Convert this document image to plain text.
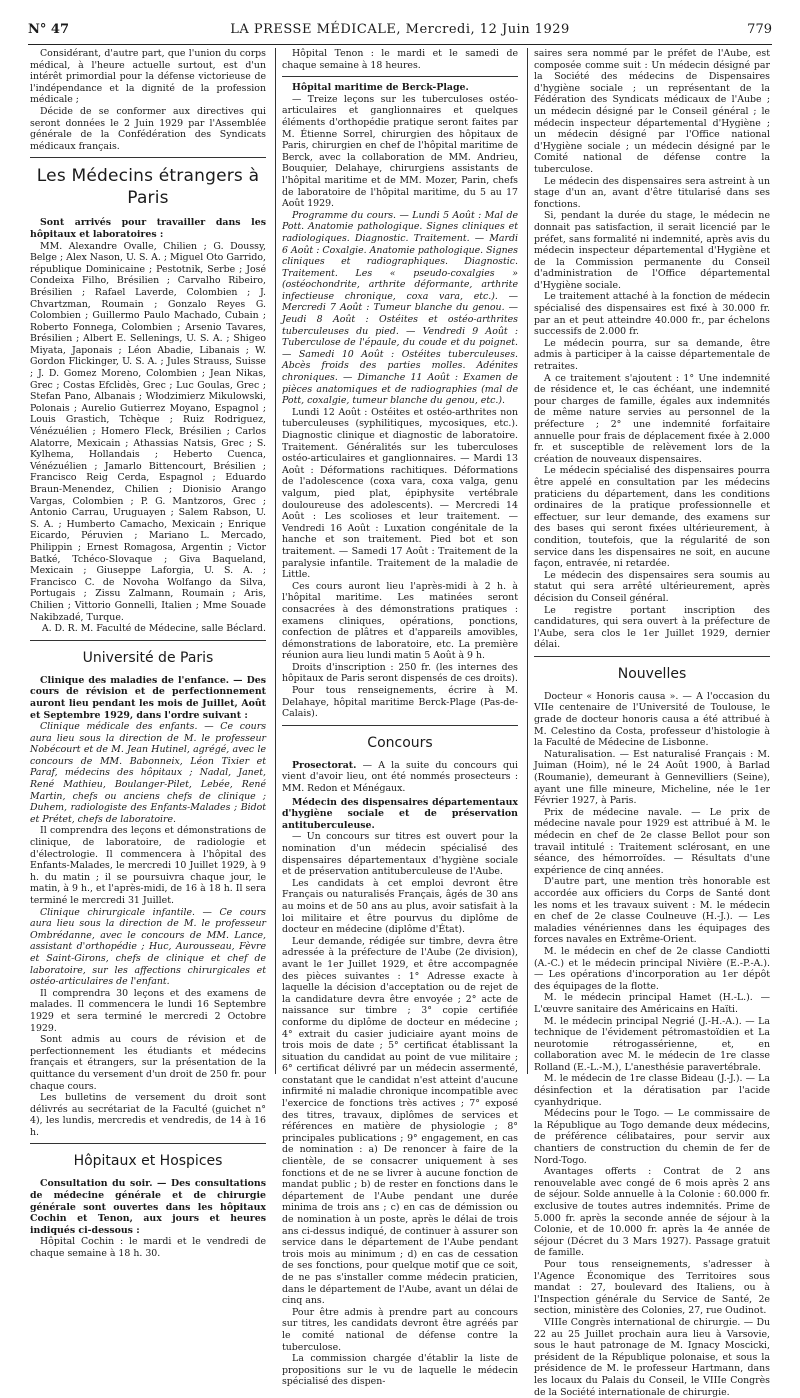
N° 47	LA PRESSE MÉDICALE, Mercredi, 12 Juin 1929	779

Considérant, d'autre part, que l'union du corps médical, à l'heure actuelle surtout, est d'un intérêt primordial pour la défense victorieuse de l'indépendance et la dignité de la profession médicale ;

Décide de se conformer aux directives qui seront données le 2 Juin 1929 par l'Assemblée générale de la Confédération des Syndicats médicaux français.

Les Médecins étrangers à Paris

Sont arrivés pour travailler dans les hôpitaux et laboratoires :

MM. Alexandre Ovalle, Chilien ; G. Doussy, Belge ; Alex Nason, U. S. A. ; Miguel Oto Garrido, république Dominicaine ; Pestotnik, Serbe ; José Condeixa Filho, Brésilien ; Carvalho Ribeiro, Brésilien ; Rafael Laverde, Colombien ; J. Chvartzman, Roumain ; Gonzalo Reyes G. Colombien ; Guillermo Paulo Machado, Cubain ; Roberto Fonnega, Colombien ; Arsenio Tavares, Brésilien ; Albert E. Sellenings, U. S. A. ; Shigeo Miyata, Japonais ; Léon Abadie, Libanais ; W. Gordon Flickinger, U. S. A. ; Jules Strauss, Suisse ; J. D. Gomez Moreno, Colombien ; Jean Nikas, Grec ; Costas Efclidès, Grec ; Luc Goulas, Grec ; Stefan Pano, Albanais ; Włodzimierz Mikulowski, Polonais ; Aurelio Gutierrez Moyano, Espagnol ; Louis Grastich, Tchèque ; Ruiz Rodriguez, Vénézuélien ; Homero Fleck, Brésilien ; Carlos Alatorre, Mexicain ; Athassias Natsis, Grec ; S. Kylhema, Hollandais ; Heberto Cuenca, Vénézuélien ; Jamarlo Bittencourt, Brésilien ; Francisco Reig Cerda, Espagnol ; Eduardo Braun-Menendez, Chilien ; Dionisio Arango Vargas, Colombien ; P. G. Mantzoros, Grec ; Antonio Carrau, Uruguayen ; Salem Rabson, U. S. A. ; Humberto Camacho, Mexicain ; Enrique Eicardo, Péruvien ; Mariano L. Mercado, Philippin ; Ernest Romagosa, Argentin ; Victor Batké, Tchéco-Slovaque ; Giva Baqueland, Mexicain ; Giuseppe Laforgia, U. S. A. ; Francisco C. de Novoha Wolfango da Silva, Portugais ; Zissu Zalmann, Roumain ; Aris, Chilien ; Vittorio Gonnelli, Italien ; Mme Souade Nakibzadé, Turque.

A. D. R. M. Faculté de Médecine, salle Béclard.

Université de Paris

Clinique des maladies de l'enfance. — Des cours de révision et de perfectionnement auront lieu pendant les mois de Juillet, Août et Septembre 1929, dans l'ordre suivant :

Clinique médicale des enfants. — Ce cours aura lieu sous la direction de M. le professeur Nobécourt et de M. Jean Hutinel, agrégé, avec le concours de MM. Babonneix, Léon Tixier et Paraf, médecins des hôpitaux ; Nadal, Janet, René Mathieu, Boulanger-Pilet, Lebée, René Martin, chefs ou anciens chefs de clinique ; Duhem, radiologiste des Enfants-Malades ; Bidot et Prétet, chefs de laboratoire.

Il comprendra des leçons et démonstrations de clinique, de laboratoire, de radiologie et d'électrologie. Il commencera à l'hôpital des Enfants-Malades, le mercredi 10 Juillet 1929, à 9 h. du matin ; il se poursuivra chaque jour, le matin, à 9 h., et l'après-midi, de 16 à 18 h. Il sera terminé le mercredi 31 Juillet.

Clinique chirurgicale infantile. — Ce cours aura lieu sous la direction de M. le professeur Ombrédanne, avec le concours de MM. Lance, assistant d'orthopédie ; Huc, Aurousseau, Fèvre et Saint-Girons, chefs de clinique et chef de laboratoire, sur les affections chirurgicales et ostéo-articulaires de l'enfant.

Il comprendra 30 leçons et des examens de malades. Il commencera le lundi 16 Septembre 1929 et sera terminé le mercredi 2 Octobre 1929.

Sont admis au cours de révision et de perfectionnement les étudiants et médecins français et étrangers, sur la présentation de la quittance du versement d'un droit de 250 fr. pour chaque cours.

Les bulletins de versement du droit sont délivrés au secrétariat de la Faculté (guichet n° 4), les lundis, mercredis et vendredis, de 14 à 16 h.

Hôpitaux et Hospices

Consultation du soir. — Des consultations de médecine générale et de chirurgie générale sont ouvertes dans les hôpitaux Cochin et Tenon, aux jours et heures indiqués ci-dessous :

Hôpital Cochin : le mardi et le vendredi de chaque semaine à 18 h. 30.

Hôpital Tenon : le mardi et le samedi de chaque semaine à 18 heures.

Hôpital maritime de Berck-Plage.

— Treize leçons sur les tuberculoses ostéo-articulaires et ganglionnaires et quelques éléments d'orthopédie pratique seront faites par M. Étienne Sorrel, chirurgien des hôpitaux de Paris, chirurgien en chef de l'hôpital maritime de Berck, avec la collaboration de MM. Andrieu, Bouquier, Delahaye, chirurgiens assistants de l'hôpital maritime et de MM. Mozer, Parin, chefs de laboratoire de l'hôpital maritime, du 5 au 17 Août 1929.

Programme du cours. — Lundi 5 Août : Mal de Pott. Anatomie pathologique. Signes cliniques et radiologiques. Diagnostic. Traitement. — Mardi 6 Août : Coxalgie. Anatomie pathologique. Signes cliniques et radiographiques. Diagnostic. Traitement. Les « pseudo-coxalgies » (ostéochondrite, arthrite déformante, arthrite infectieuse chronique, coxa vara, etc.). — Mercredi 7 Août : Tumeur blanche du genou. — Jeudi 8 Août : Ostéites et ostéo-arthrites tuberculeuses du pied. — Vendredi 9 Août : Tuberculose de l'épaule, du coude et du poignet. — Samedi 10 Août : Ostéites tuberculeuses. Abcès froids des parties molles. Adénites chroniques. — Dimanche 11 Août : Examen de pièces anatomiques et de radiographies (mal de Pott, coxalgie, tumeur blanche du genou, etc.).

Lundi 12 Août : Ostéites et ostéo-arthrites non tuberculeuses (syphilitiques, mycosiques, etc.). Diagnostic clinique et diagnostic de laboratoire. Traitement. Généralités sur les tuberculoses ostéo-articulaires et ganglionnaires. — Mardi 13 Août : Déformations rachitiques. Déformations de l'adolescence (coxa vara, coxa valga, genu valgum, pied plat, épiphysite vertébrale douloureuse des adolescents). — Mercredi 14 Août : Les scolioses et leur traitement. — Vendredi 16 Août : Luxation congénitale de la hanche et son traitement. Pied bot et son traitement. — Samedi 17 Août : Traitement de la paralysie infantile. Traitement de la maladie de Little.

Ces cours auront lieu l'après-midi à 2 h. à l'hôpital maritime. Les matinées seront consacrées à des démonstrations pratiques : examens cliniques, opérations, ponctions, confection de plâtres et d'appareils amovibles, démonstrations de laboratoire, etc. La première réunion aura lieu lundi matin 5 Août à 9 h.

Droits d'inscription : 250 fr. (les internes des hôpitaux de Paris seront dispensés de ces droits).

Pour tous renseignements, écrire à M. Delahaye, hôpital maritime Berck-Plage (Pas-de-Calais).

Concours

Prosectorat. — A la suite du concours qui vient d'avoir lieu, ont été nommés prosecteurs : MM. Redon et Ménégaux.

Médecin des dispensaires départementaux d'hygiène sociale et de préservation antituberculeuse.

— Un concours sur titres est ouvert pour la nomination d'un médecin spécialisé des dispensaires départementaux d'hygiène sociale et de préservation antituberculeuse de l'Aube.

Les candidats à cet emploi devront être Français ou naturalisés Français, âgés de 30 ans au moins et de 50 ans au plus, avoir satisfait à la loi militaire et être pourvus du diplôme de docteur en médecine (diplôme d'État).

Leur demande, rédigée sur timbre, devra être adressée à la préfecture de l'Aube (2e division), avant le 1er Juillet 1929, et être accompagnée des pièces suivantes : 1° Adresse exacte à laquelle la décision d'acceptation ou de rejet de la candidature devra être envoyée ; 2° acte de naissance sur timbre ; 3° copie certifiée conforme du diplôme de docteur en médecine ; 4° extrait du casier judiciaire ayant moins de trois mois de date ; 5° certificat établissant la situation du candidat au point de vue militaire ; 6° certificat délivré par un médecin assermenté, constatant que le candidat n'est atteint d'aucune infirmité ni maladie chronique incompatible avec l'exercice de fonctions très actives ; 7° exposé des titres, travaux, diplômes de services et références en matière de physiologie ; 8° principales publications ; 9° engagement, en cas de nomination : a) De renoncer à faire de la clientèle, de se consacrer uniquement à ses fonctions et de ne se livrer à aucune fonction de mandat public ; b) de rester en fonctions dans le département de l'Aube pendant une durée minima de trois ans ; c) en cas de démission ou de nomination à un poste, après le délai de trois ans ci-dessus indiqué, de continuer à assurer son service dans le département de l'Aube pendant trois mois au minimum ; d) en cas de cessation de ses fonctions, pour quelque motif que ce soit, de ne pas s'installer comme médecin praticien, dans le département de l'Aube, avant un délai de cinq ans.

Pour être admis à prendre part au concours sur titres, les candidats devront être agréés par le comité national de défense contre la tuberculose.

La commission chargée d'établir la liste de propositions sur le vu de laquelle le médecin spécialisé des dispen-

saires sera nommé par le préfet de l'Aube, est composée comme suit : Un médecin désigné par la Société des médecins de Dispensaires d'hygiène sociale ; un représentant de la Fédération des Syndicats médicaux de l'Aube ; un médecin désigné par le Conseil général ; le médecin inspecteur départemental d'Hygiène ; un médecin désigné par l'Office national d'Hygiène sociale ; un médecin désigné par le Comité national de défense contre la tuberculose.

Le médecin des dispensaires sera astreint à un stage d'un an, avant d'être titularisé dans ses fonctions.

Si, pendant la durée du stage, le médecin ne donnait pas satisfaction, il serait licencié par le préfet, sans formalité ni indemnité, après avis du médecin inspecteur départemental d'Hygiène et de la Commission permanente du Conseil d'administration de l'Office départemental d'Hygiène sociale.

Le traitement attaché à la fonction de médecin spécialisé des dispensaires est fixé à 30.000 fr. par an et peut atteindre 40.000 fr., par échelons successifs de 2.000 fr.

Le médecin pourra, sur sa demande, être admis à participer à la caisse départementale de retraites.

A ce traitement s'ajoutent : 1° Une indemnité de résidence et, le cas échéant, une indemnité pour charges de famille, égales aux indemnités de même nature servies au personnel de la préfecture ; 2° une indemnité forfaitaire annuelle pour frais de déplacement fixée à 2.000 fr. et susceptible de relèvement lors de la création de nouveaux dispensaires.

Le médecin spécialisé des dispensaires pourra être appelé en consultation par les médecins praticiens du département, dans les conditions ordinaires de la pratique professionnelle et effectuer, sur leur demande, des examens sur des bases qui seront fixées ultérieurement, à condition, toutefois, que la régularité de son service dans les dispensaires ne soit, en aucune façon, entravée, ni retardée.

Le médecin des dispensaires sera soumis au statut qui sera arrêté ultérieurement, après décision du Conseil général.

Le registre portant inscription des candidatures, qui sera ouvert à la préfecture de l'Aube, sera clos le 1er Juillet 1929, dernier délai.

Nouvelles

Docteur « Honoris causa ». — A l'occasion du VIIe centenaire de l'Université de Toulouse, le grade de docteur honoris causa a été attribué à M. Celestino da Costa, professeur d'histologie à la Faculté de Médecine de Lisbonne.

Naturalisation. — Est naturalisé Français : M. Juiman (Hoim), né le 24 Août 1900, à Barlad (Roumanie), demeurant à Gennevilliers (Seine), ayant une fille mineure, Micheline, née le 1er Février 1927, à Paris.

Prix de médecine navale. — Le prix de médecine navale pour 1929 est attribué à M. le médecin en chef de 2e classe Bellot pour son travail intitulé : Traitement sclérosant, en une séance, des hémorroïdes. — Résultats d'une expérience de cinq années.

D'autre part, une mention très honorable est accordée aux officiers du Corps de Santé dont les noms et les travaux suivent : M. le médecin en chef de 2e classe Coulneuve (H.-J.). — Les maladies vénériennes dans les équipages des forces navales en Extrême-Orient.

M. le médecin en chef de 2e classe Candiotti (A.-C.) et le médecin principal Nivière (E.-P.-A.). — Les opérations d'incorporation au 1er dépôt des équipages de la flotte.

M. le médecin principal Hamet (H.-L.). — L'œuvre sanitaire des Américains en Haïti.

M. le médecin principal Negrié (J.-H.-A.). — La technique de l'évidement pétromastoïdien et La neurotomie rétrogassérienne, et, en collaboration avec M. le médecin de 1re classe Rolland (E.-L.-M.), L'anesthésie paravertébrale.

M. le médecin de 1re classe Bideau (J.-J.). — La désinfection et la dératisation par l'acide cyanhydrique.

Médecins pour le Togo. — Le commissaire de la République au Togo demande deux médecins, de préférence célibataires, pour servir aux chantiers de construction du chemin de fer de Nord-Togo.

Avantages offerts : Contrat de 2 ans renouvelable avec congé de 6 mois après 2 ans de séjour. Solde annuelle à la Colonie : 60.000 fr. exclusive de toutes autres indemnités. Prime de 5.000 fr. après la seconde année de séjour à la Colonie, et de 10.000 fr. après la 4e année de séjour (Décret du 3 Mars 1927). Passage gratuit de famille.

Pour tous renseignements, s'adresser à l'Agence Économique des Territoires sous mandat : 27, boulevard des Italiens, ou à l'Inspection générale du Service de Santé, 2e section, ministère des Colonies, 27, rue Oudinot.

VIIIe Congrès international de chirurgie. — Du 22 au 25 Juillet prochain aura lieu à Varsovie, sous le haut patronage de M. Ignacy Moscicki, président de la République polonaise, et sous la présidence de M. le professeur Hartmann, dans les locaux du Palais du Conseil, le VIIIe Congrès de la Société internationale de chirurgie.
